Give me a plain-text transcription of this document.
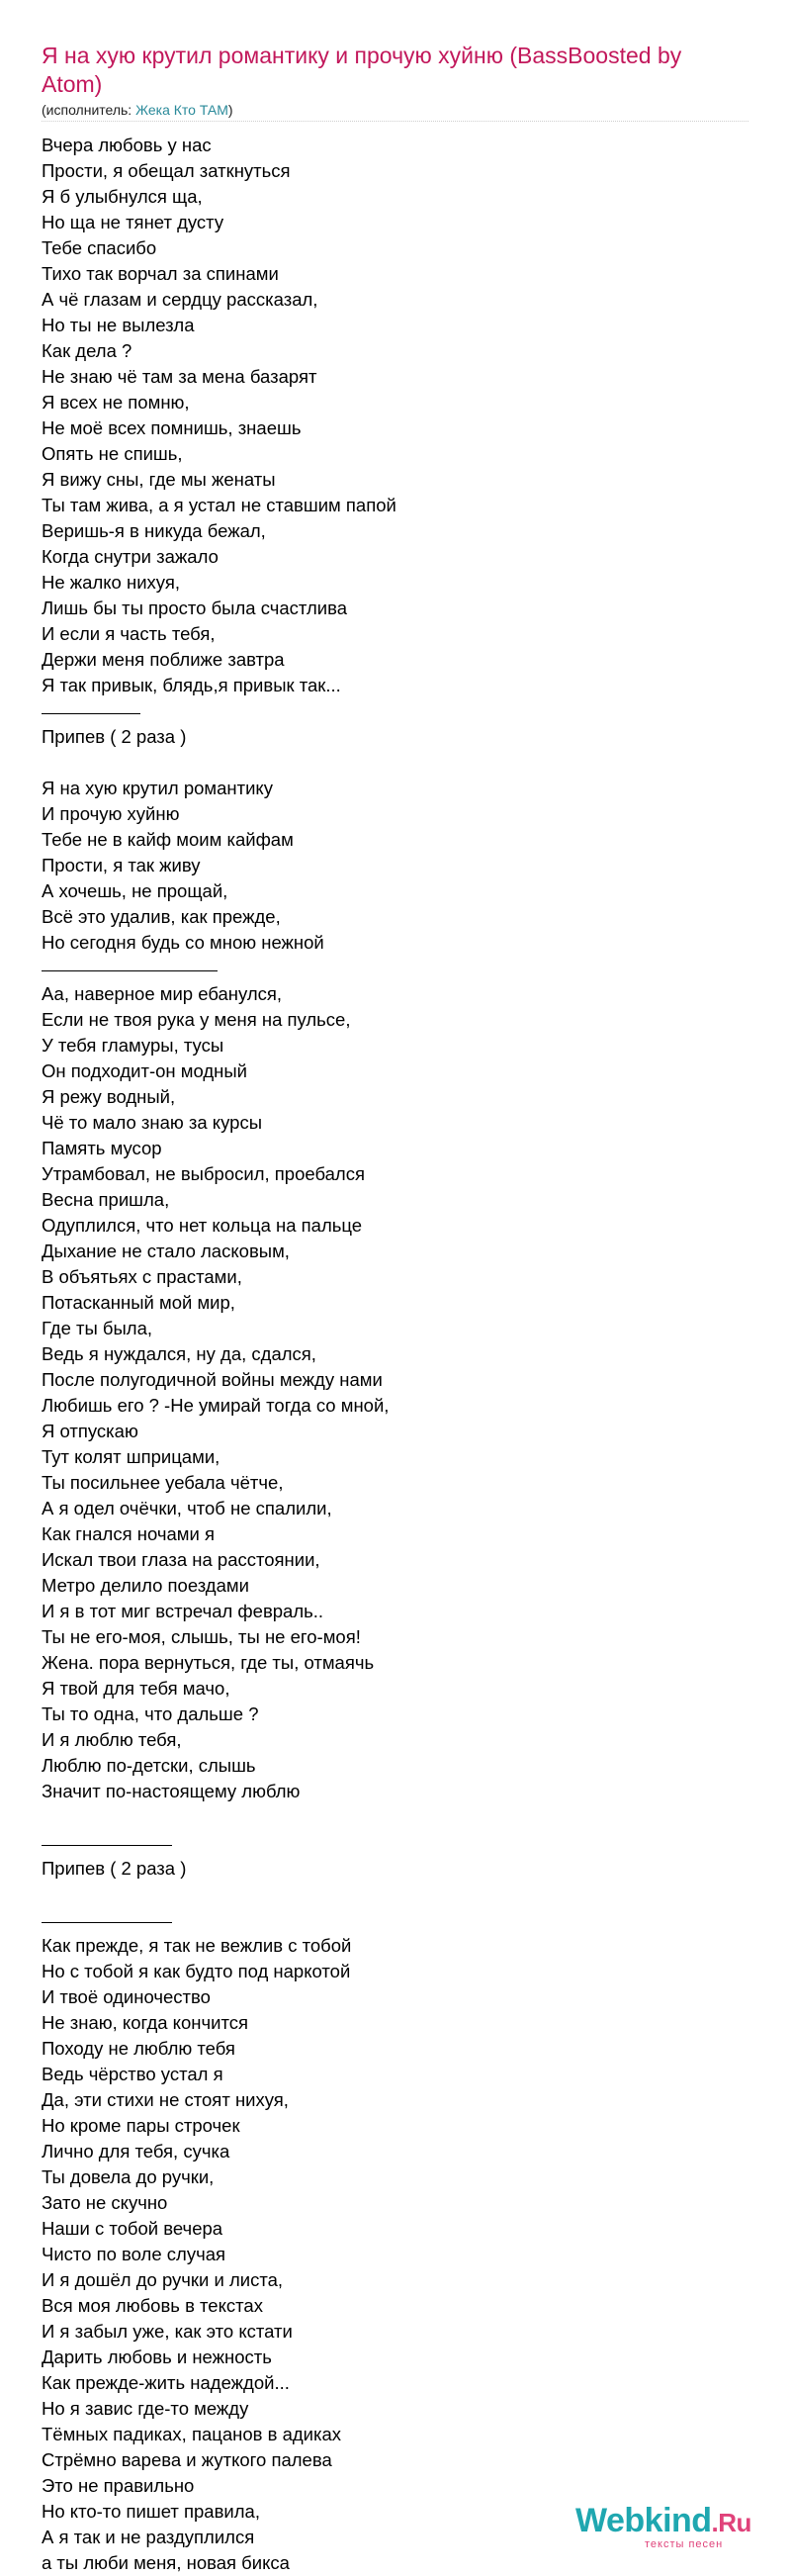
Я на хую крутил романтику и прочую хуйню (BassBoosted by Atom)
(исполнитель: Жека Кто ТАМ)
Вчера любовь у нас
Прости, я обещал заткнуться
Я б улыбнулся ща,
Но ща не тянет дусту
Тебе спасибо
Тихо так ворчал за спинами
А чё глазам и сердцу рассказал,
Но ты не вылезла
Как дела ?
Не знаю чё там за мена базарят
Я всех не помню,
Не моё всех помнишь, знаешь
Опять не спишь,
Я вижу сны, где мы женаты
Ты там жива, а я устал не ставшим папой
Веришь-я в никуда бежал,
Когда снутри зажало
Не жалко нихуя,
Лишь бы ты просто была счастлива
И если я часть тебя,
Держи меня поближе завтра
Я так привык, блядь,я привык так...
Припев ( 2 раза )
Я на хую крутил романтику
И прочую хуйню
Тебе не в кайф моим кайфам
Прости, я так живу
А хочешь, не прощай,
Всё это удалив, как прежде,
Но сегодня будь со мною нежной
Аа, наверное мир ебанулся,
Если не твоя рука у меня на пульсе,
У тебя гламуры, тусы
Он подходит-он модный
Я режу водный,
Чё то мало знаю за курсы
Память мусор
Утрамбовал, не выбросил, проебался
Весна пришла,
Одуплился, что нет кольца на пальце
Дыхание не стало ласковым,
В объятьях с прастами,
Потасканный мой мир,
Где ты была,
Ведь я нуждался, ну да, сдался,
После полугодичной войны между нами
Любишь его ? -Не умирай тогда со мной,
Я отпускаю
Тут колят шприцами,
Ты посильнее уебала чётче,
А я одел очёчки, чтоб не спалили,
Как гнался ночами я
Искал твои глаза на расстоянии,
Метро делило поездами
И я в тот миг встречал февраль..
Ты не его-моя, слышь, ты не его-моя!
Жена. пора вернуться, где ты, отмаячь
Я твой для тебя мачо,
Ты то одна, что дальше ?
И я люблю тебя,
Люблю по-детски, слышь
Значит по-настоящему люблю
Припев ( 2 раза )
Как прежде, я так не вежлив с тобой
Но с тобой я как будто под наркотой
И твоё одиночество
Не знаю, когда кончится
Походу не люблю тебя
Ведь чёрство устал я
Да, эти стихи не стоят нихуя,
Но кроме пары строчек
Лично для тебя, сучка
Ты довела до ручки,
Зато не скучно
Наши с тобой вечера
Чисто по воле случая
И я дошёл до ручки и листа,
Вся моя любовь в текстах
И я забыл уже, как это кстати
Дарить любовь и нежность
Как прежде-жить надеждой...
Но я завис где-то между
Тёмных падиках, пацанов в адиках
Стрёмно варева и жуткого палева
Это не правильно
Но кто-то пишет правила,
А я так и не раздуплился
а ты люби меня, новая бикса
Webkind.Ru
тексты песен
